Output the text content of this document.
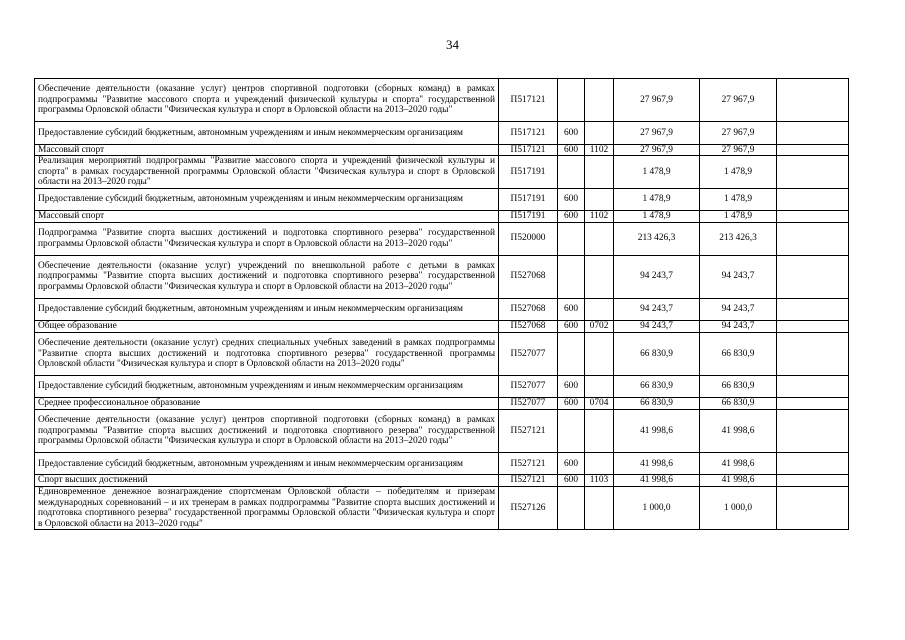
34
Обеспечение деятельности (оказание услуг) центров спортивной подготовки (сборных команд) в рамках подпрограммы "Развитие массового спорта и учреждений физической культуры и спорта" государственной программы Орловской области "Физическая культура и спорт в Орловской области на 2013–2020 годы"	П517121			27 967,9	27 967,9	
Предоставление субсидий бюджетным, автономным учреждениям и иным некоммерческим организациям	П517121	600		27 967,9	27 967,9	
Массовый спорт	П517121	600	1102	27 967,9	27 967,9	
Реализация мероприятий подпрограммы "Развитие массового спорта и учреждений физической культуры и спорта" в рамках государственной программы Орловской области "Физическая культура и спорт в Орловской области на 2013–2020 годы"	П517191			1 478,9	1 478,9	
Предоставление субсидий бюджетным, автономным учреждениям и иным некоммерческим организациям	П517191	600		1 478,9	1 478,9	
Массовый спорт	П517191	600	1102	1 478,9	1 478,9	
Подпрограмма "Развитие спорта высших достижений и подготовка спортивного резерва" государственной программы Орловской области "Физическая культура и спорт в Орловской области на 2013–2020 годы"	П520000			213 426,3	213 426,3	
Обеспечение деятельности (оказание услуг) учреждений по внешкольной работе с детьми в рамках подпрограммы "Развитие спорта высших достижений и подготовка спортивного резерва" государственной программы Орловской области "Физическая культура и спорт в Орловской области на 2013–2020 годы"	П527068			94 243,7	94 243,7	
Предоставление субсидий бюджетным, автономным учреждениям и иным некоммерческим организациям	П527068	600		94 243,7	94 243,7	
Общее образование	П527068	600	0702	94 243,7	94 243,7	
Обеспечение деятельности (оказание услуг) средних специальных учебных заведений в рамках подпрограммы "Развитие спорта высших достижений и подготовка спортивного резерва" государственной программы Орловской области "Физическая культура и спорт в Орловской области на 2013–2020 годы"	П527077			66 830,9	66 830,9	
Предоставление субсидий бюджетным, автономным учреждениям и иным некоммерческим организациям	П527077	600		66 830,9	66 830,9	
Среднее профессиональное образование	П527077	600	0704	66 830,9	66 830,9	
Обеспечение деятельности (оказание услуг) центров спортивной подготовки (сборных команд) в рамках подпрограммы "Развитие спорта высших достижений и подготовка спортивного резерва" государственной программы Орловской области "Физическая культура и спорт в Орловской области на 2013–2020 годы"	П527121			41 998,6	41 998,6	
Предоставление субсидий бюджетным, автономным учреждениям и иным некоммерческим организациям	П527121	600		41 998,6	41 998,6	
Спорт высших достижений	П527121	600	1103	41 998,6	41 998,6	
Единовременное денежное вознаграждение спортсменам Орловской области – победителям и призерам международных соревнований – и их тренерам в рамках подпрограммы "Развитие спорта высших достижений и подготовка спортивного резерва" государственной программы Орловской области "Физическая культура и спорт в Орловской области на 2013–2020 годы"	П527126			1 000,0	1 000,0	
